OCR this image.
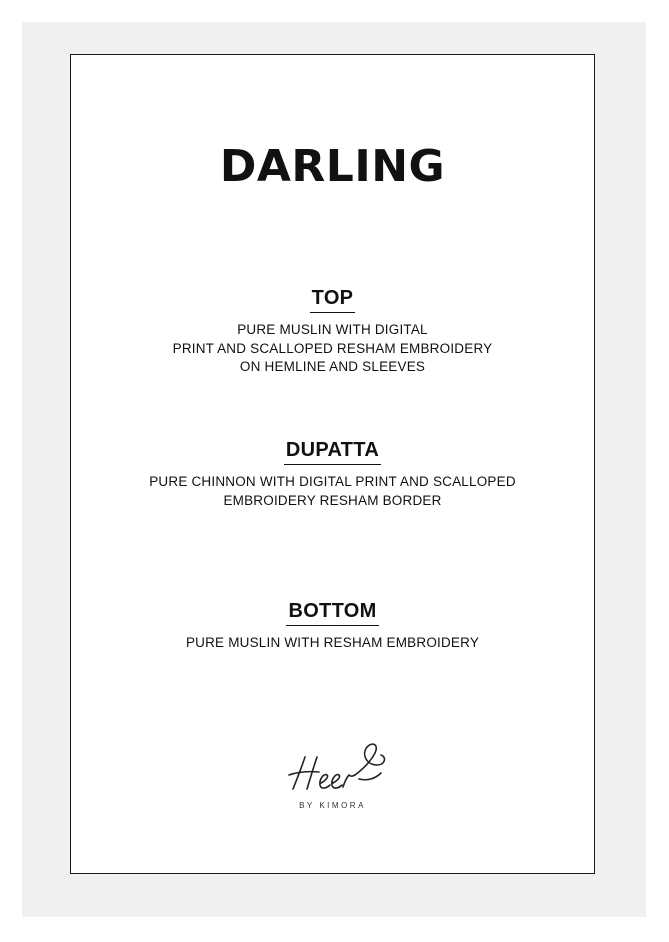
DARLING
TOP
PURE MUSLIN WITH DIGITAL
PRINT AND SCALLOPED RESHAM EMBROIDERY
ON HEMLINE AND SLEEVES
DUPATTA
PURE CHINNON WITH DIGITAL PRINT AND SCALLOPED
EMBROIDERY RESHAM BORDER
BOTTOM
PURE MUSLIN WITH RESHAM EMBROIDERY
BY KIMORA
